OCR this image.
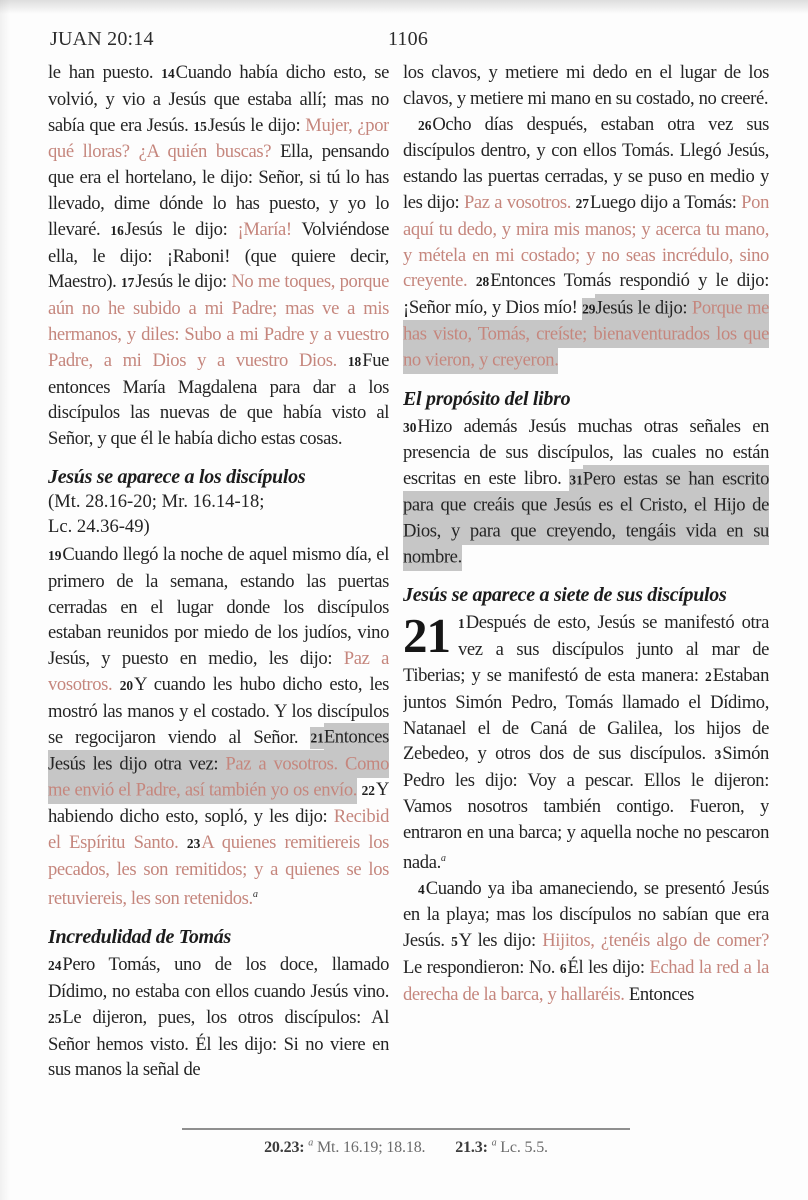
JUAN 20:14	1106

le han puesto. 14Cuando había dicho esto, se volvió, y vio a Jesús que estaba allí; mas no sabía que era Jesús. 15Jesús le dijo: Mujer, ¿por qué lloras? ¿A quién buscas? Ella, pensando que era el hortelano, le dijo: Señor, si tú lo has llevado, dime dónde lo has puesto, y yo lo llevaré. 16Jesús le dijo: ¡María! Volviéndose ella, le dijo: ¡Raboni! (que quiere decir, Maestro). 17Jesús le dijo: No me toques, porque aún no he subido a mi Padre; mas ve a mis hermanos, y diles: Subo a mi Padre y a vuestro Padre, a mi Dios y a vuestro Dios. 18Fue entonces María Magdalena para dar a los discípulos las nuevas de que había visto al Señor, y que él le había dicho estas cosas.

Jesús se aparece a los discípulos
(Mt. 28.16-20; Mr. 16.14-18;
Lc. 24.36-49)

19Cuando llegó la noche de aquel mismo día, el primero de la semana, estando las puertas cerradas en el lugar donde los discípulos estaban reunidos por miedo de los judíos, vino Jesús, y puesto en medio, les dijo: Paz a vosotros. 20Y cuando les hubo dicho esto, les mostró las manos y el costado. Y los discípulos se regocijaron viendo al Señor. 21Entonces Jesús les dijo otra vez: Paz a vosotros. Como me envió el Padre, así también yo os envío. 22Y habiendo dicho esto, sopló, y les dijo: Recibid el Espíritu Santo. 23A quienes remitiereis los pecados, les son remitidos; y a quienes se los retuviereis, les son retenidos.$^a$

Incredulidad de Tomás

24Pero Tomás, uno de los doce, llamado Dídimo, no estaba con ellos cuando Jesús vino. 25Le dijeron, pues, los otros discípulos: Al Señor hemos visto. Él les dijo: Si no viere en sus manos la señal de

los clavos, y metiere mi dedo en el lugar de los clavos, y metiere mi mano en su costado, no creeré.

26Ocho días después, estaban otra vez sus discípulos dentro, y con ellos Tomás. Llegó Jesús, estando las puertas cerradas, y se puso en medio y les dijo: Paz a vosotros. 27Luego dijo a Tomás: Pon aquí tu dedo, y mira mis manos; y acerca tu mano, y métela en mi costado; y no seas incrédulo, sino creyente. 28Entonces Tomás respondió y le dijo: ¡Señor mío, y Dios mío! 29Jesús le dijo: Porque me has visto, Tomás, creíste; bienaventurados los que no vieron, y creyeron.

El propósito del libro

30Hizo además Jesús muchas otras señales en presencia de sus discípulos, las cuales no están escritas en este libro. 31Pero estas se han escrito para que creáis que Jesús es el Cristo, el Hijo de Dios, y para que creyendo, tengáis vida en su nombre.

Jesús se aparece a siete de sus discípulos

21 1Después de esto, Jesús se manifestó otra vez a sus discípulos junto al mar de Tiberias; y se manifestó de esta manera: 2Estaban juntos Simón Pedro, Tomás llamado el Dídimo, Natanael el de Caná de Galilea, los hijos de Zebedeo, y otros dos de sus discípulos. 3Simón Pedro les dijo: Voy a pescar. Ellos le dijeron: Vamos nosotros también contigo. Fueron, y entraron en una barca; y aquella noche no pescaron nada.$^a$

4Cuando ya iba amaneciendo, se presentó Jesús en la playa; mas los discípulos no sabían que era Jesús. 5Y les dijo: Hijitos, ¿tenéis algo de comer? Le respondieron: No. 6Él les dijo: Echad la red a la derecha de la barca, y hallaréis. Entonces

20.23: $^a$ Mt. 16.19; 18.18. 21.3: $^a$ Lc. 5.5.
